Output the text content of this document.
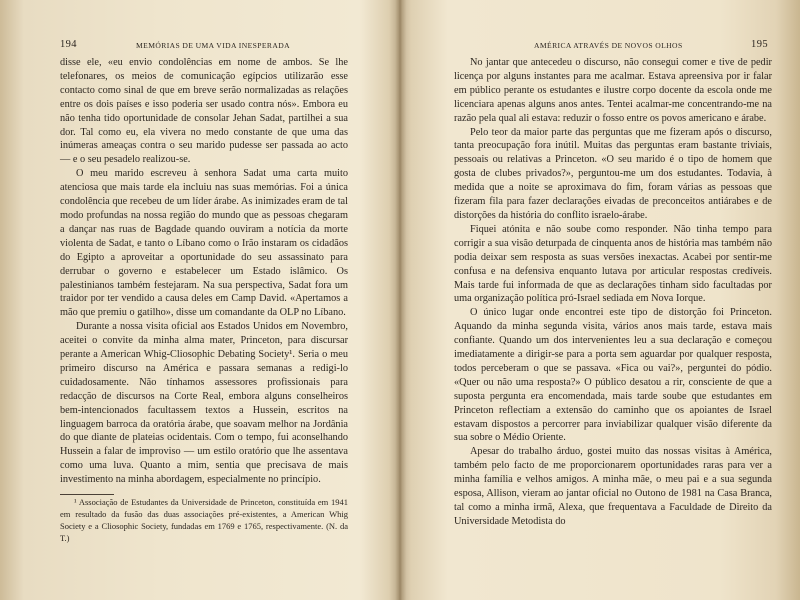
194	MEMÓRIAS DE UMA VIDA INESPERADA

disse ele, «eu envio condolências em nome de ambos. Se lhe telefonares, os meios de comunicação egípcios utilizarão esse contacto como sinal de que em breve serão normalizadas as relações entre os dois países e isso poderia ser usado contra nós». Embora eu não tenha tido oportunidade de consolar Jehan Sadat, partilhei a sua dor. Tal como eu, ela vivera no medo constante de que uma das inúmeras ameaças contra o seu marido pudesse ser passada ao acto — e o seu pesadelo realizou-se.

O meu marido escreveu à senhora Sadat uma carta muito atenciosa que mais tarde ela incluiu nas suas memórias. Foi a única condolência que recebeu de um líder árabe. As inimizades eram de tal modo profundas na nossa região do mundo que as pessoas chegaram a dançar nas ruas de Bagdade quando ouviram a notícia da morte violenta de Sadat, e tanto o Líbano como o Irão instaram os cidadãos do Egipto a aproveitar a oportunidade do seu assassinato para derrubar o governo e estabelecer um Estado islâmico. Os palestinianos também festejaram. Na sua perspectiva, Sadat fora um traidor por ter vendido a causa deles em Camp David. «Apertamos a mão que premiu o gatilho», disse um comandante da OLP no Líbano.

Durante a nossa visita oficial aos Estados Unidos em Novembro, aceitei o convite da minha alma mater, Princeton, para discursar perante a American Whig-Cliosophic Debating Society¹. Seria o meu primeiro discurso na América e passara semanas a redigi-lo cuidadosamente. Não tínhamos assessores profissionais para redacção de discursos na Corte Real, embora alguns conselheiros bem-intencionados facultassem textos a Hussein, escritos na linguagem barroca da oratória árabe, que soavam melhor na Jordânia do que diante de plateias ocidentais. Com o tempo, fui aconselhando Hussein a falar de improviso — um estilo oratório que lhe assentava como uma luva. Quanto a mim, sentia que precisava de mais investimento na minha abordagem, especialmente no princípio.

¹ Associação de Estudantes da Universidade de Princeton, constituída em 1941 em resultado da fusão das duas associações pré-existentes, a American Whig Society e a Cliosophic Society, fundadas em 1769 e 1765, respectivamente. (N. da T.)

AMÉRICA ATRAVÉS DE NOVOS OLHOS	195

No jantar que antecedeu o discurso, não consegui comer e tive de pedir licença por alguns instantes para me acalmar. Estava apreensiva por ir falar em público perante os estudantes e ilustre corpo docente da escola onde me licenciara apenas alguns anos antes. Tentei acalmar-me concentrando-me na razão pela qual ali estava: reduzir o fosso entre os povos americano e árabe.

Pelo teor da maior parte das perguntas que me fizeram após o discurso, tanta preocupação fora inútil. Muitas das perguntas eram bastante triviais, pessoais ou relativas a Princeton. «O seu marido é o tipo de homem que gosta de clubes privados?», perguntou-me um dos estudantes. Todavia, à medida que a noite se aproximava do fim, foram várias as pessoas que fizeram fila para fazer declarações eivadas de preconceitos antiárabes e de distorções da história do conflito israelo-árabe.

Fiquei atónita e não soube como responder. Não tinha tempo para corrigir a sua visão deturpada de cinquenta anos de história mas também não podia deixar sem resposta as suas versões inexactas. Acabei por sentir-me confusa e na defensiva enquanto lutava por articular respostas credíveis. Mais tarde fui informada de que as declarações tinham sido facultadas por uma organização política pró-Israel sediada em Nova Iorque.

O único lugar onde encontrei este tipo de distorção foi Princeton. Aquando da minha segunda visita, vários anos mais tarde, estava mais confiante. Quando um dos intervenientes leu a sua declaração e começou imediatamente a dirigir-se para a porta sem aguardar por qualquer resposta, todos perceberam o que se passava. «Fica ou vai?», perguntei do pódio. «Quer ou não uma resposta?» O público desatou a rir, consciente de que a suposta pergunta era encomendada, mais tarde soube que estudantes em Princeton reflectiam a extensão do caminho que os apoiantes de Israel estavam dispostos a percorrer para inviabilizar qualquer visão diferente da sua sobre o Médio Oriente.

Apesar do trabalho árduo, gostei muito das nossas visitas à América, também pelo facto de me proporcionarem oportunidades raras para ver a minha família e velhos amigos. A minha mãe, o meu pai e a sua segunda esposa, Allison, vieram ao jantar oficial no Outono de 1981 na Casa Branca, tal como a minha irmã, Alexa, que frequentava a Faculdade de Direito da Universidade Metodista do
